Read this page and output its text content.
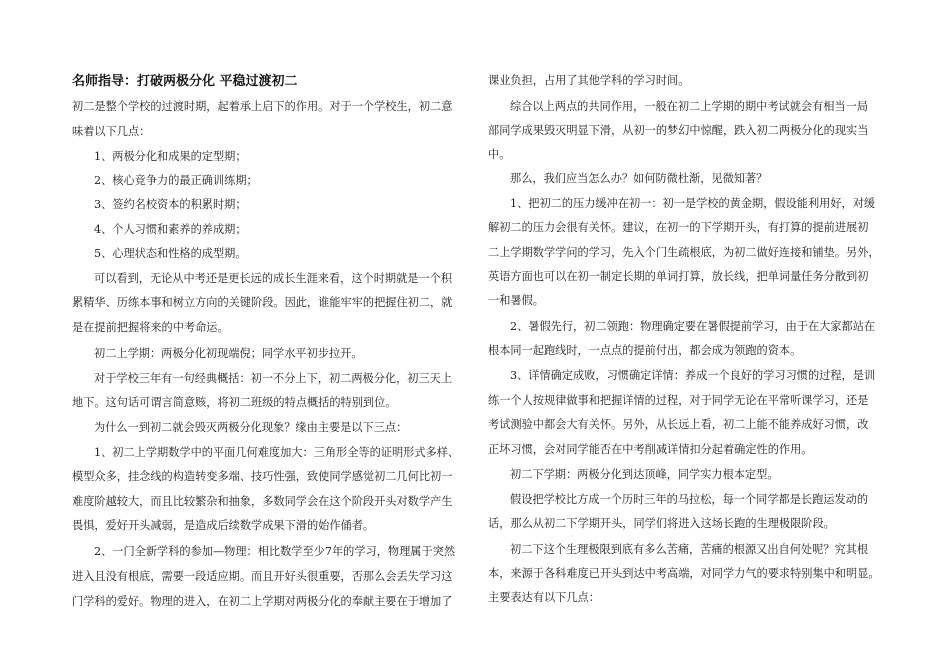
名师指导：打破两极分化 平稳过渡初二
初二是整个学校的过渡时期，起着承上启下的作用。对于一个学校生，初二意
味着以下几点：
1、两极分化和成果的定型期；
2、核心竞争力的最正确训练期；
3、签约名校资本的积累时期；
4、个人习惯和素养的养成期；
5、心理状态和性格的成型期。
可以看到，无论从中考还是更长远的成长生涯来看，这个时期就是一个积
累精华、历练本事和树立方向的关键阶段。因此，谁能牢牢的把握住初二，就
是在提前把握将来的中考命运。
初二上学期：两极分化初现端倪；同学水平初步拉开。
对于学校三年有一句经典概括：初一不分上下，初二两极分化，初三天上
地下。这句话可谓言简意赅，将初二班级的特点概括的特别到位。
为什么一到初二就会毁灭两极分化现象？缘由主要是以下三点：
1、初二上学期数学中的平面几何难度加大：三角形全等的证明形式多样、
模型众多，挂念线的构造转变多端、技巧性强，致使同学感觉初二几何比初一
难度阶越较大，而且比较繁杂和抽象，多数同学会在这个阶段开头对数学产生
畏惧，爱好开头减弱，是造成后续数学成果下滑的始作俑者。
2、一门全新学科的参加—物理：相比数学至少7年的学习，物理属于突然
进入且没有根底，需要一段适应期。而且开好头很重要，否那么会丢失学习这
门学科的爱好。物理的进入，在初二上学期对两极分化的奉献主要在于增加了
课业负担，占用了其他学科的学习时间。
综合以上两点的共同作用，一般在初二上学期的期中考试就会有相当一局
部同学成果毁灭明显下滑，从初一的梦幻中惊醒，跌入初二两极分化的现实当
中。
那么，我们应当怎么办？如何防微杜渐，见微知著？
1、把初二的压力缓冲在初一：初一是学校的黄金期，假设能利用好，对缓
解初二的压力会很有关怀。建议，在初一的下学期开头，有打算的提前进展初
二上学期数学学问的学习，先入个门生疏根底，为初二做好连接和铺垫。另外，
英语方面也可以在初一制定长期的单词打算，放长线，把单词量任务分散到初
一和暑假。
2、暑假先行，初二领跑：物理确定要在暑假提前学习，由于在大家都站在
根本同一起跑线时，一点点的提前付出，都会成为领跑的资本。
3、详情确定成败，习惯确定详情：养成一个良好的学习习惯的过程，是训
练一个人按规律做事和把握详情的过程，对于同学无论在平常听课学习，还是
考试测验中都会大有关怀。另外，从长远上看，初二上能不能养成好习惯，改
正坏习惯，会对同学能否在中考削减详情扣分起着确定性的作用。
初二下学期：两极分化到达顶峰，同学实力根本定型。
假设把学校比方成一个历时三年的马拉松，每一个同学都是长跑运发动的
话，那么从初二下学期开头，同学们将进入这场长跑的生理极限阶段。
初二下这个生理极限到底有多么苦痛，苦痛的根源又出自何处呢？究其根
本，来源于各科难度已开头到达中考高端，对同学力气的要求特别集中和明显。
主要表达有以下几点：
